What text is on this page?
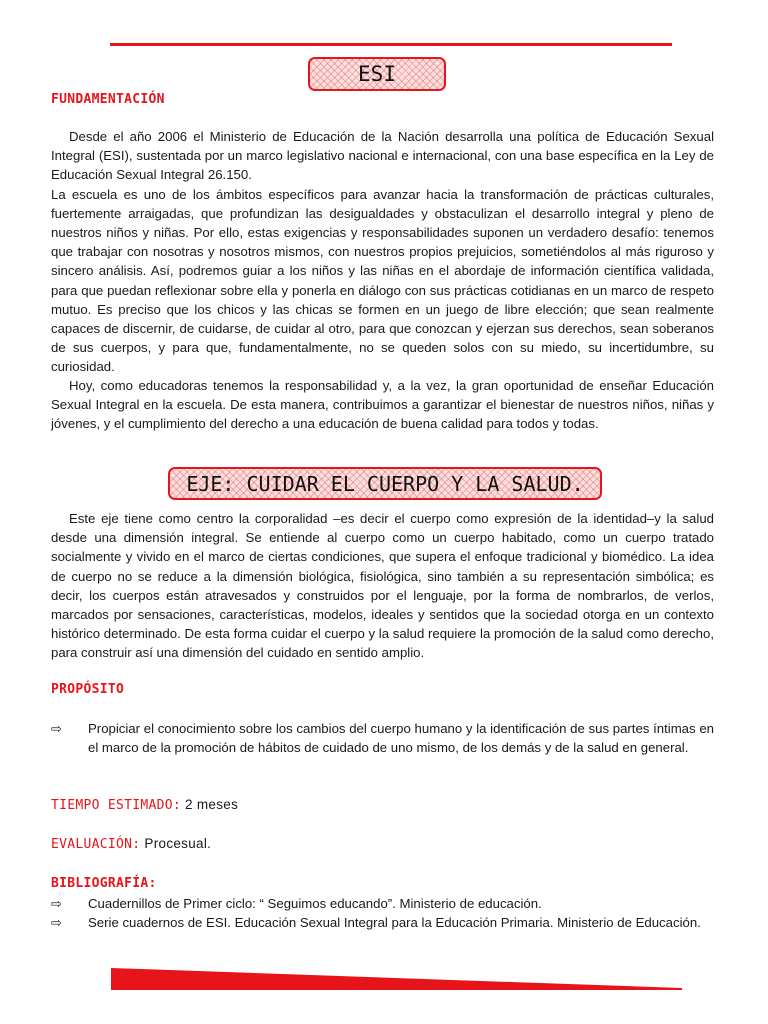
ESI
FUNDAMENTACIÓN

Desde el año 2006 el Ministerio de Educación de la Nación desarrolla una política de Educación Sexual Integral (ESI), sustentada por un marco legislativo nacional e internacional, con una base específica en la Ley de Educación Sexual Integral 26.150.

La escuela es uno de los ámbitos específicos para avanzar hacia la transformación de prácticas culturales, fuertemente arraigadas, que profundizan las desigualdades y obstaculizan el desarrollo integral y pleno de nuestros niños y niñas. Por ello, estas exigencias y responsabilidades suponen un verdadero desafío: tenemos que trabajar con nosotras y nosotros mismos, con nuestros propios prejuicios, sometiéndolos al más riguroso y sincero análisis. Así, podremos guiar a los niños y las niñas en el abordaje de información científica validada, para que puedan reflexionar sobre ella y ponerla en diálogo con sus prácticas cotidianas en un marco de respeto mutuo. Es preciso que los chicos y las chicas se formen en un juego de libre elección; que sean realmente capaces de discernir, de cuidarse, de cuidar al otro, para que conozcan y ejerzan sus derechos, sean soberanos de sus cuerpos, y para que, fundamentalmente, no se queden solos con su miedo, su incertidumbre, su curiosidad.

Hoy, como educadoras tenemos la responsabilidad y, a la vez, la gran oportunidad de enseñar Educación Sexual Integral en la escuela. De esta manera, contribuimos a garantizar el bienestar de nuestros niños, niñas y jóvenes, y el cumplimiento del derecho a una educación de buena calidad para todos y todas.

EJE: CUIDAR EL CUERPO Y LA SALUD.

Este eje tiene como centro la corporalidad –es decir el cuerpo como expresión de la identidad–y la salud desde una dimensión integral. Se entiende al cuerpo como un cuerpo habitado, como un cuerpo tratado socialmente y vivido en el marco de ciertas condiciones, que supera el enfoque tradicional y biomédico. La idea de cuerpo no se reduce a la dimensión biológica, fisiológica, sino también a su representación simbólica; es decir, los cuerpos están atravesados y construidos por el lenguaje, por la forma de nombrarlos, de verlos, marcados por sensaciones, características, modelos, ideales y sentidos que la sociedad otorga en un contexto histórico determinado. De esta forma cuidar el cuerpo y la salud requiere la promoción de la salud como derecho, para construir así una dimensión del cuidado en sentido amplio.

PROPÓSITO
⇨	Propiciar el conocimiento sobre los cambios del cuerpo humano y la identificación de sus partes íntimas en el marco de la promoción de hábitos de cuidado de uno mismo, de los demás y de la salud en general.
TIEMPO ESTIMADO: 2 meses
EVALUACIÓN: Procesual.
BIBLIOGRAFÍA:
⇨	Cuadernillos de Primer ciclo: “ Seguimos educando”. Ministerio de educación.
⇨	Serie cuadernos de ESI. Educación Sexual Integral para la Educación Primaria. Ministerio de Educación.
